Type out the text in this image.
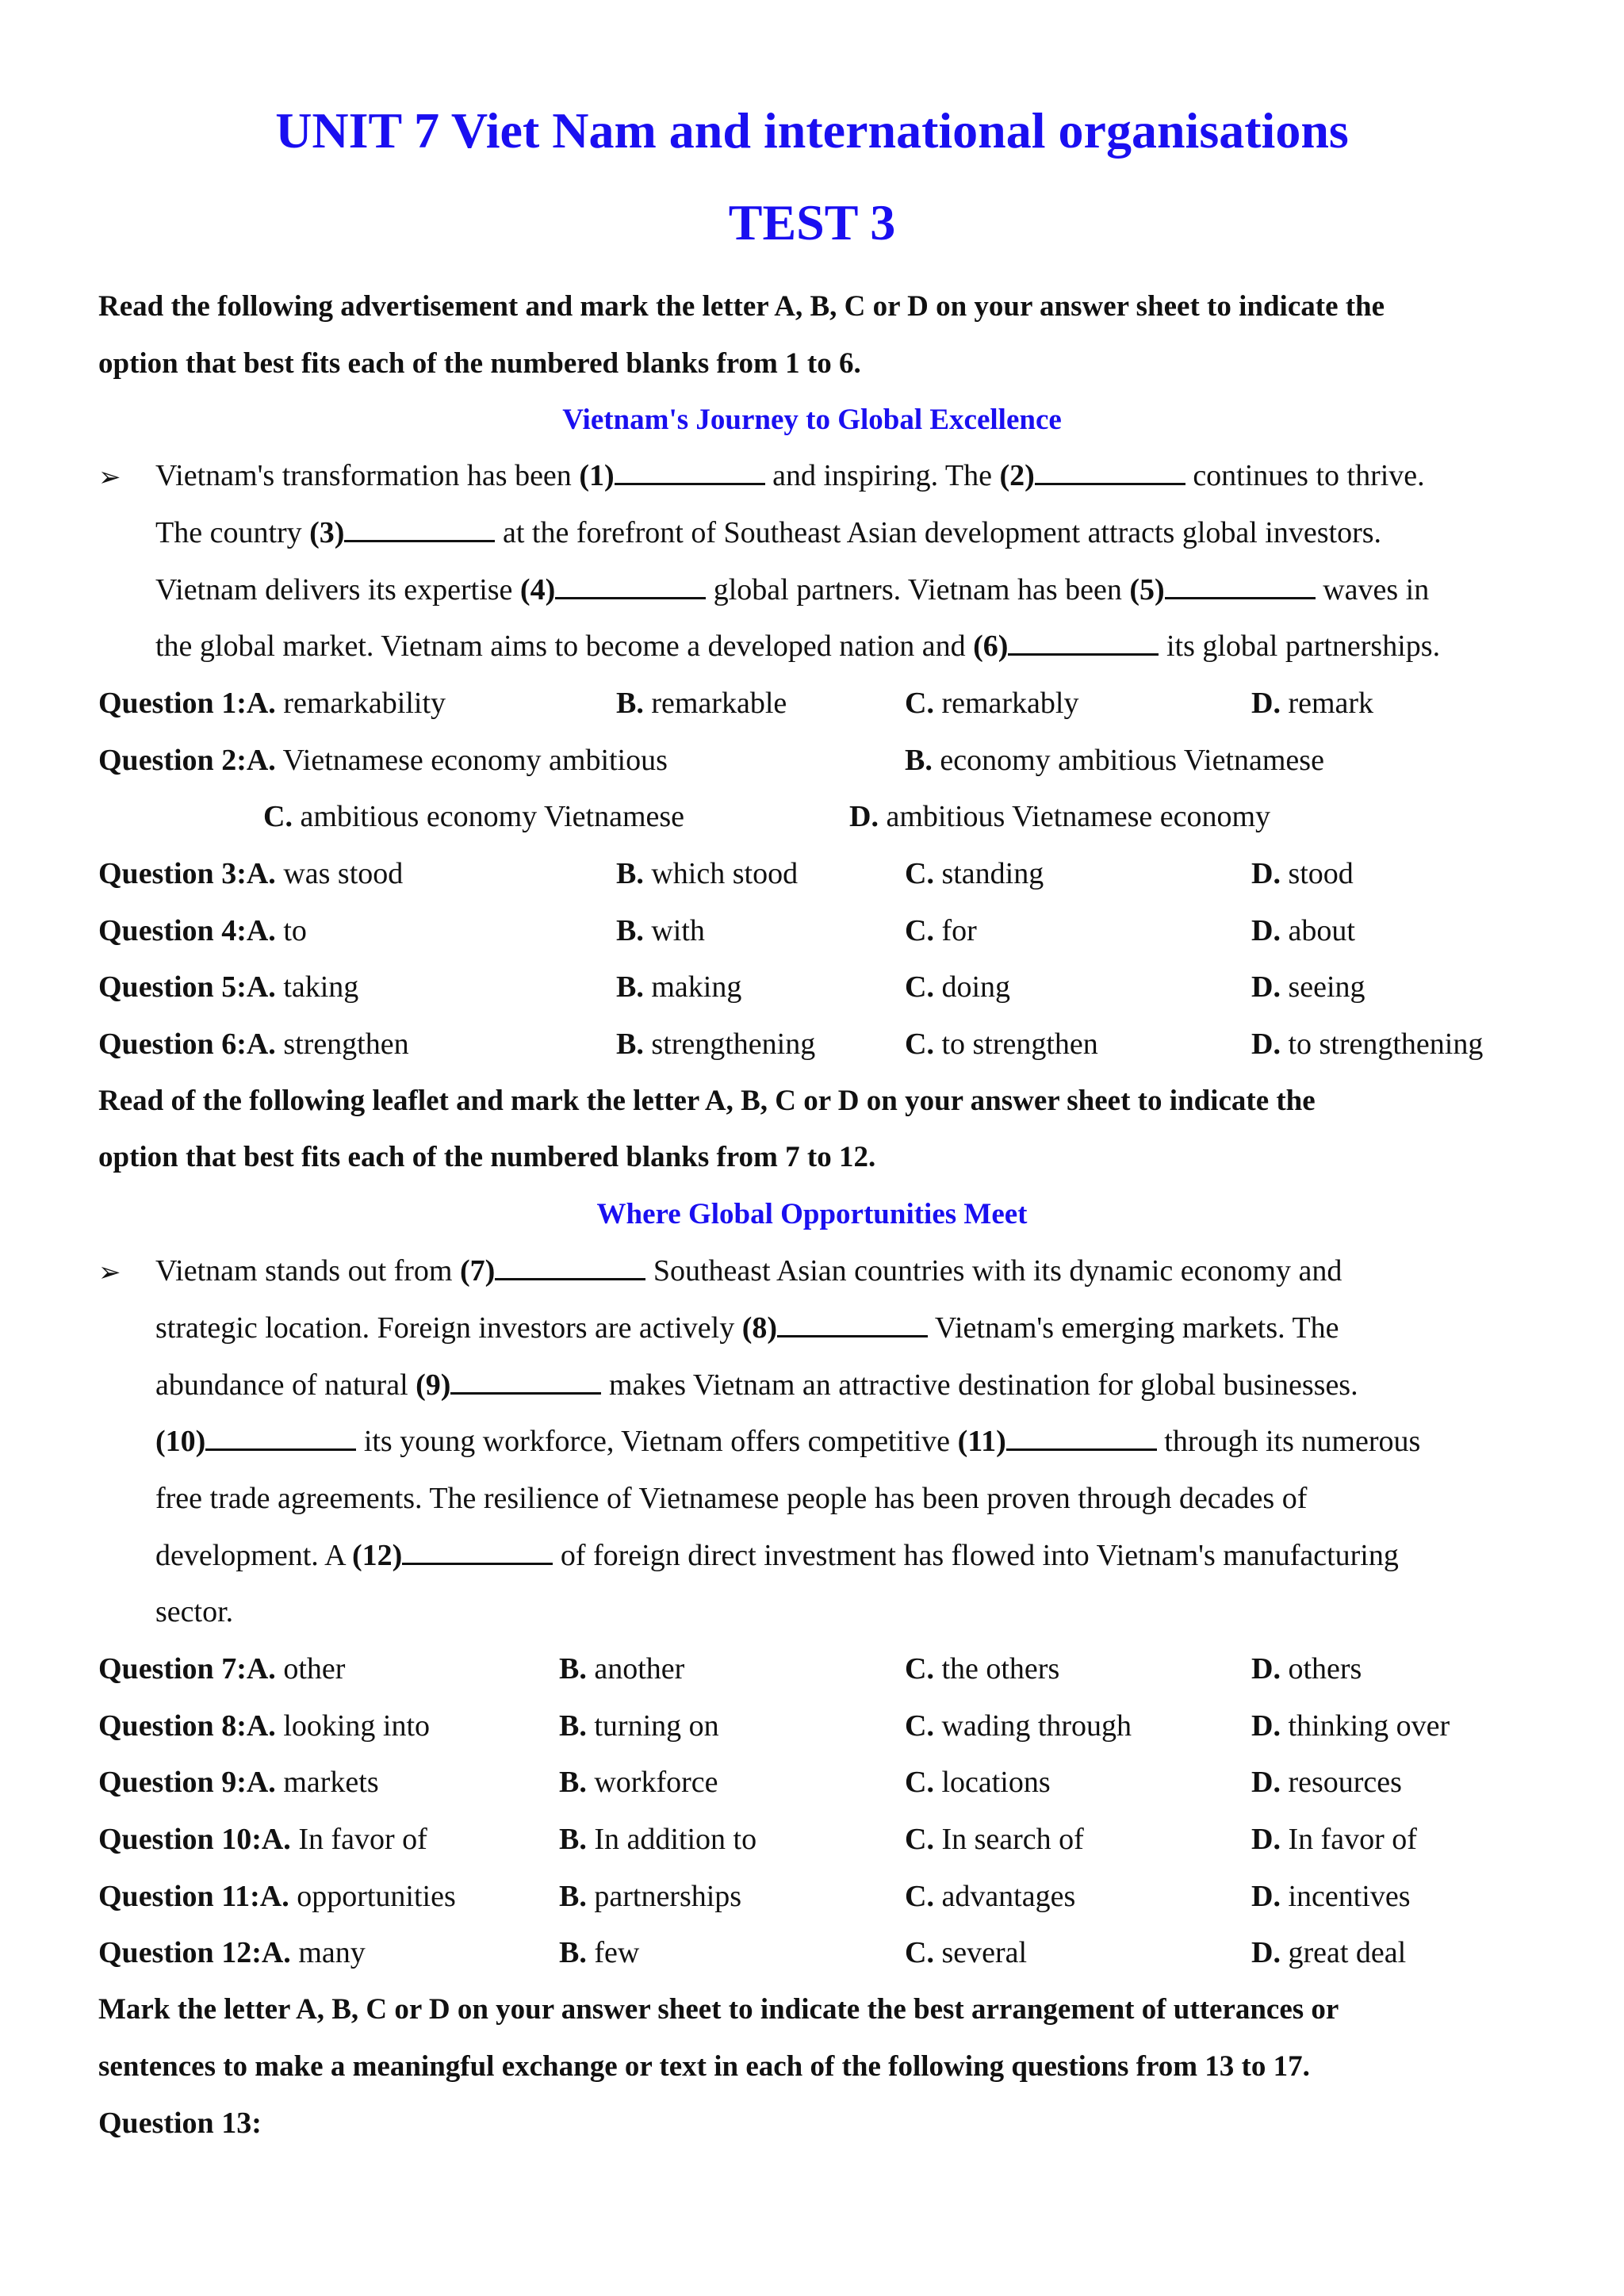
UNIT 7 Viet Nam and international organisations
TEST 3
Read the following advertisement and mark the letter A, B, C or D on your answer sheet to indicate the
option that best fits each of the numbered blanks from 1 to 6.
Vietnam's Journey to Global Excellence
➢ Vietnam's transformation has been (1)	and inspiring. The (2)	continues to thrive.
The country (3)	at the forefront of Southeast Asian development attracts global investors.
Vietnam delivers its expertise (4)	global partners. Vietnam has been (5)	waves in
the global market. Vietnam aims to become a developed nation and (6)	its global partnerships.
Question 1:A. remarkability	B. remarkable	C. remarkably	D. remark
Question 2:A. Vietnamese economy ambitious	B. economy ambitious Vietnamese
C. ambitious economy Vietnamese	D. ambitious Vietnamese economy
Question 3:A. was stood	B. which stood	C. standing	D. stood
Question 4:A. to	B. with	C. for	D. about
Question 5:A. taking	B. making	C. doing	D. seeing
Question 6:A. strengthen	B. strengthening	C. to strengthen	D. to strengthening
Read of the following leaflet and mark the letter A, B, C or D on your answer sheet to indicate the
option that best fits each of the numbered blanks from 7 to 12.
Where Global Opportunities Meet
➢ Vietnam stands out from (7)	Southeast Asian countries with its dynamic economy and
strategic location. Foreign investors are actively (8)	Vietnam's emerging markets. The
abundance of natural (9)	makes Vietnam an attractive destination for global businesses.
(10)	its young workforce, Vietnam offers competitive (11)	through its numerous
free trade agreements. The resilience of Vietnamese people has been proven through decades of
development. A (12)	of foreign direct investment has flowed into Vietnam's manufacturing
sector.
Question 7:A. other	B. another	C. the others	D. others
Question 8:A. looking into	B. turning on	C. wading through	D. thinking over
Question 9:A. markets	B. workforce	C. locations	D. resources
Question 10:A. In favor of	B. In addition to	C. In search of	D. In favor of
Question 11:A. opportunities	B. partnerships	C. advantages	D. incentives
Question 12:A. many	B. few	C. several	D. great deal
Mark the letter A, B, C or D on your answer sheet to indicate the best arrangement of utterances or
sentences to make a meaningful exchange or text in each of the following questions from 13 to 17.
Question 13:
